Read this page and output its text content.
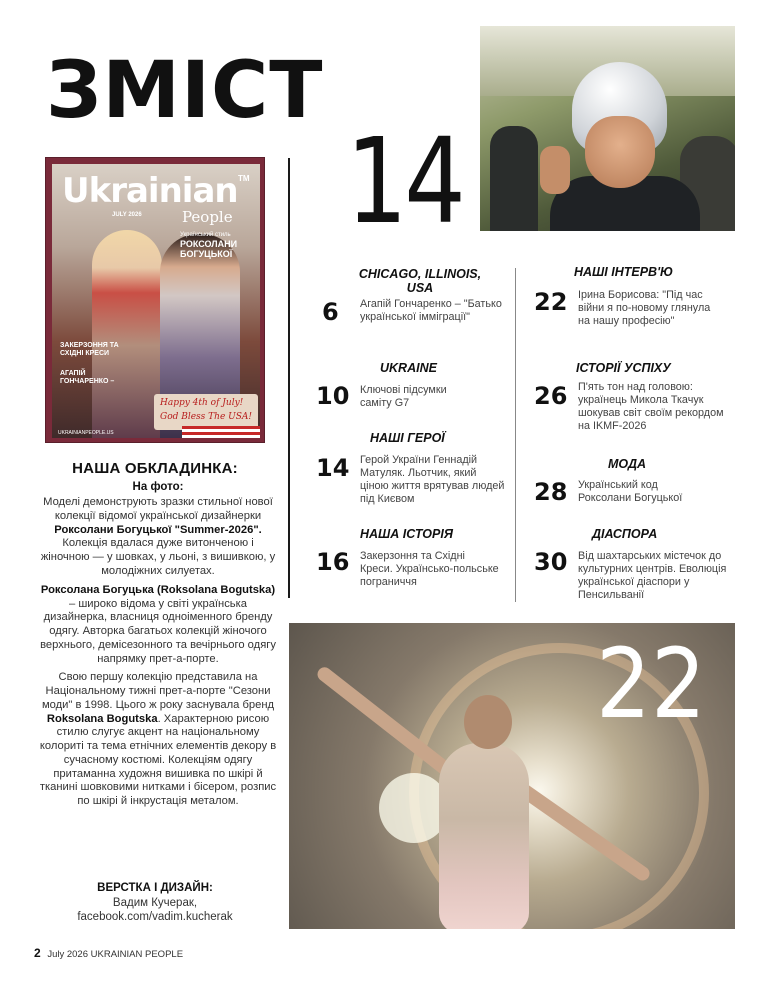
ЗМІСТ
14
Ukrainian TM
People
JULY 2026
Український стиль
РОКСОЛАНИ БОГУЦЬКОЇ
ЗАКЕРЗОННЯ ТА СХІДНІ КРЕСИ
АГАПІЙ ГОНЧАРЕНКО –
Happy 4th of July!
God Bless The USA!
UKRAINIANPEOPLE.US
НАША ОБКЛАДИНКА:
На фото:

Моделі демонструють зразки стильної нової колекції відомої української дизайнерки Роксолани Богуцької "Summer-2026". Колекція вдалася дуже витонченою і жіночною — у шовках, у льоні, з вишивкою, у молодіжних силуетах.

Роксолана Богуцька (Roksolana Bogutska) – широко відома у світі українська дизайнерка, власниця одноіменного бренду одягу. Авторка багатьох колекцій жіночого верхнього, демісезонного та вечірнього одягу напрямку прет-а-порте.

Свою першу колекцію представила на Національному тижні прет-а-порте "Сезони моди" в 1998. Цього ж року заснувала бренд Roksolana Bogutska. Характерною рисою стилю слугує акцент на національному колориті та тема етнічних елементів декору в сучасному костюмі. Колекціям одягу притаманна художня вишивка по шкірі й тканині шовковими нитками і бісером, розпис по шкірі й інкрустація металом.

ВЕРСТКА І ДИЗАЙН:
Вадим Кучерак,
facebook.com/vadim.kucherak
2 July 2026 UKRAINIAN PEOPLE
CHICAGO, ILLINOIS, USA
6 Агапій Гончаренко – "Батько української імміграції"
UKRAINE
10 Ключові підсумки саміту G7
НАШІ ГЕРОЇ
14 Герой України Геннадій Матуляк. Льотчик, який ціною життя врятував людей під Києвом
НАША ІСТОРІЯ
16 Закерзоння та Східні Креси. Українсько-польське пограниччя
НАШІ ІНТЕРВ'Ю
22 Ірина Борисова: "Під час війни я по-новому глянула на нашу професію"
ІСТОРІЇ УСПІХУ
26 П'ять тон над головою: українець Микола Ткачук шокував світ своїм рекордом на IKMF-2026
МОДА
28 Український код Роксолани Богуцької
ДІАСПОРА
30 Від шахтарських містечок до культурних центрів. Еволюція української діаспори у Пенсильванії
22
